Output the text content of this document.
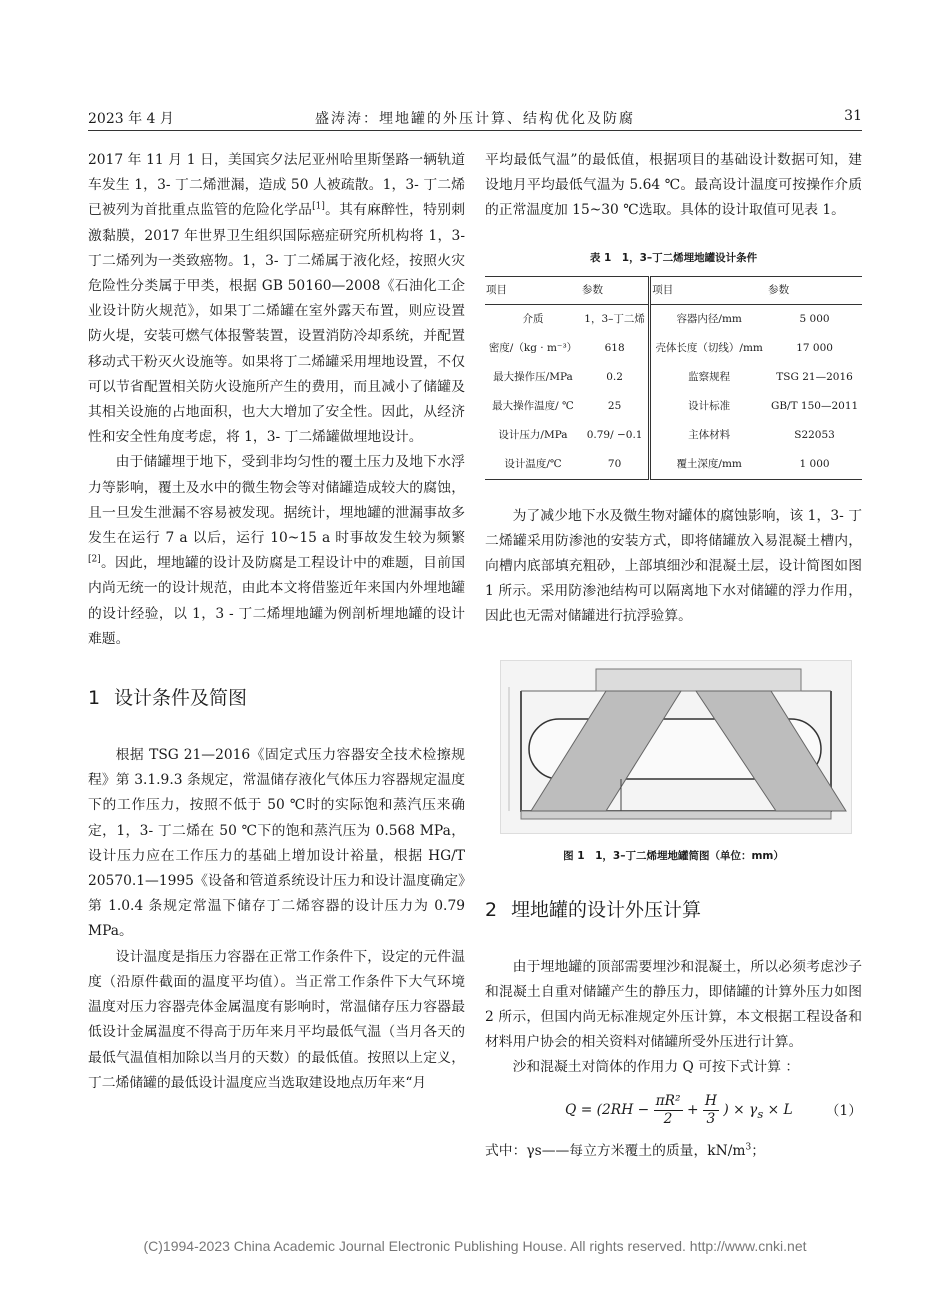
2023 年 4 月	盛涛涛：埋地罐的外压计算、结构优化及防腐	31

2017 年 11 月 1 日，美国宾夕法尼亚州哈里斯堡路一辆轨道车发生 1，3- 丁二烯泄漏，造成 50 人被疏散。1，3- 丁二烯已被列为首批重点监管的危险化学品[1]。其有麻醉性，特别刺激黏膜，2017 年世界卫生组织国际癌症研究所机构将 1，3- 丁二烯列为一类致癌物。1，3- 丁二烯属于液化烃，按照火灾危险性分类属于甲类，根据 GB 50160—2008《石油化工企业设计防火规范》，如果丁二烯罐在室外露天布置，则应设置防火堤，安装可燃气体报警装置，设置消防冷却系统，并配置移动式干粉灭火设施等。如果将丁二烯罐采用埋地设置，不仅可以节省配置相关防火设施所产生的费用，而且减小了储罐及其相关设施的占地面积，也大大增加了安全性。因此，从经济性和安全性角度考虑，将 1，3- 丁二烯罐做埋地设计。

由于储罐埋于地下，受到非均匀性的覆土压力及地下水浮力等影响，覆土及水中的微生物会等对储罐造成较大的腐蚀，且一旦发生泄漏不容易被发现。据统计，埋地罐的泄漏事故多发生在运行 7 a 以后，运行 10~15 a 时事故发生较为频繁[2]。因此，埋地罐的设计及防腐是工程设计中的难题，目前国内尚无统一的设计规范，由此本文将借鉴近年来国内外埋地罐的设计经验，以 1，3 - 丁二烯埋地罐为例剖析埋地罐的设计难题。

1 设计条件及简图

根据 TSG 21—2016《固定式压力容器安全技术检擦规程》第 3.1.9.3 条规定，常温储存液化气体压力容器规定温度下的工作压力，按照不低于 50 ℃时的实际饱和蒸汽压来确定，1，3- 丁二烯在 50 ℃下的饱和蒸汽压为 0.568 MPa，设计压力应在工作压力的基础上增加设计裕量，根据 HG/T 20570.1—1995《设备和管道系统设计压力和设计温度确定》第 1.0.4 条规定常温下储存丁二烯容器的设计压力为 0.79 MPa。

设计温度是指压力容器在正常工作条件下，设定的元件温度（沿原件截面的温度平均值）。当正常工作条件下大气环境温度对压力容器壳体金属温度有影响时，常温储存压力容器最低设计金属温度不得高于历年来月平均最低气温（当月各天的最低气温值相加除以当月的天数）的最低值。按照以上定义，丁二烯储罐的最低设计温度应当选取建设地点历年来“月

平均最低气温”的最低值，根据项目的基础设计数据可知，建设地月平均最低气温为 5.64 ℃。最高设计温度可按操作介质的正常温度加 15~30 ℃选取。具体的设计取值可见表 1。

表 1　1，3–丁二烯埋地罐设计条件
项目	参数	项目	参数
介质	1，3–丁二烯	容器内径/mm	5 000
密度/（kg · m⁻³）	618	壳体长度（切线）/mm	17 000
最大操作压/MPa	0.2	监察规程	TSG 21—2016
最大操作温度/ ℃	25	设计标准	GB/T 150—2011
设计压力/MPa	0.79/ −0.1	主体材料	S22053
设计温度/℃	70	覆土深度/mm	1 000

为了减少地下水及微生物对罐体的腐蚀影响，该 1，3- 丁二烯罐采用防渗池的安装方式，即将储罐放入易混凝土槽内，向槽内底部填充粗砂，上部填细沙和混凝土层，设计简图如图 1 所示。采用防渗池结构可以隔离地下水对储罐的浮力作用，因此也无需对储罐进行抗浮验算。

图 1　1，3–丁二烯埋地罐简图（单位：mm）
2 埋地罐的设计外压计算

由于埋地罐的顶部需要埋沙和混凝土，所以必须考虑沙子和混凝土自重对储罐产生的静压力，即储罐的计算外压力如图 2 所示，但国内尚无标准规定外压计算，本文根据工程设备和材料用户协会的相关资料对储罐所受外压进行计算。

沙和混凝土对筒体的作用力 Q 可按下式计算 ：

$Q = (2RH - \frac{\text{πR²}}{2} + \frac{H}{3}$ ) × $\gamma_s \times L$ （1）

式中：γs——每立方米覆土的质量，$kN/m^3$；

(C)1994-2023 China Academic Journal Electronic Publishing House. All rights reserved. http://www.cnki.net
